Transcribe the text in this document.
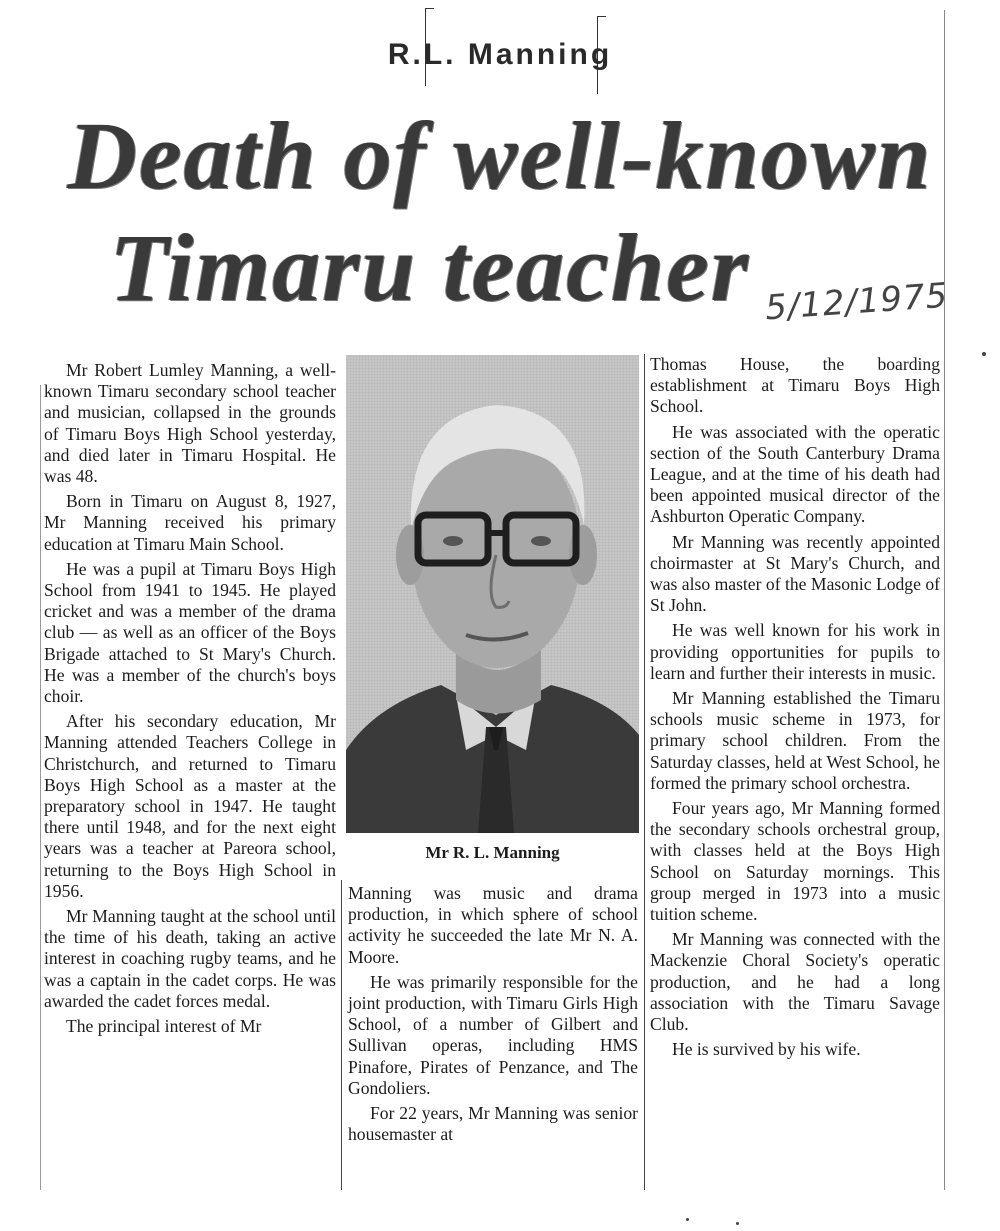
R.L. Manning
Death of well-known
Timaru teacher 5/12/1975

Mr Robert Lumley Manning, a well-known Timaru secondary school teacher and musician, collapsed in the grounds of Timaru Boys High School yesterday, and died later in Timaru Hospital. He was 48.

Born in Timaru on August 8, 1927, Mr Manning received his primary education at Timaru Main School.

He was a pupil at Timaru Boys High School from 1941 to 1945. He played cricket and was a member of the drama club — as well as an officer of the Boys Brigade attached to St Mary's Church. He was a member of the church's boys choir.

After his secondary education, Mr Manning attended Teachers College in Christchurch, and returned to Timaru Boys High School as a master at the preparatory school in 1947. He taught there until 1948, and for the next eight years was a teacher at Pareora school, returning to the Boys High School in 1956.

Mr Manning taught at the school until the time of his death, taking an active interest in coaching rugby teams, and he was a captain in the cadet corps. He was awarded the cadet forces medal.

The principal interest of Mr

Mr R. L. Manning

Manning was music and drama production, in which sphere of school activity he succeeded the late Mr N. A. Moore.

He was primarily responsible for the joint production, with Timaru Girls High School, of a number of Gilbert and Sullivan operas, including HMS Pinafore, Pirates of Penzance, and The Gondoliers.

For 22 years, Mr Manning was senior housemaster at

Thomas House, the boarding establishment at Timaru Boys High School.

He was associated with the operatic section of the South Canterbury Drama League, and at the time of his death had been appointed musical director of the Ashburton Operatic Company.

Mr Manning was recently appointed choirmaster at St Mary's Church, and was also master of the Masonic Lodge of St John.

He was well known for his work in providing opportunities for pupils to learn and further their interests in music.

Mr Manning established the Timaru schools music scheme in 1973, for primary school children. From the Saturday classes, held at West School, he formed the primary school orchestra.

Four years ago, Mr Manning formed the secondary schools orchestral group, with classes held at the Boys High School on Saturday mornings. This group merged in 1973 into a music tuition scheme.

Mr Manning was connected with the Mackenzie Choral Society's operatic production, and he had a long association with the Timaru Savage Club.

He is survived by his wife.
